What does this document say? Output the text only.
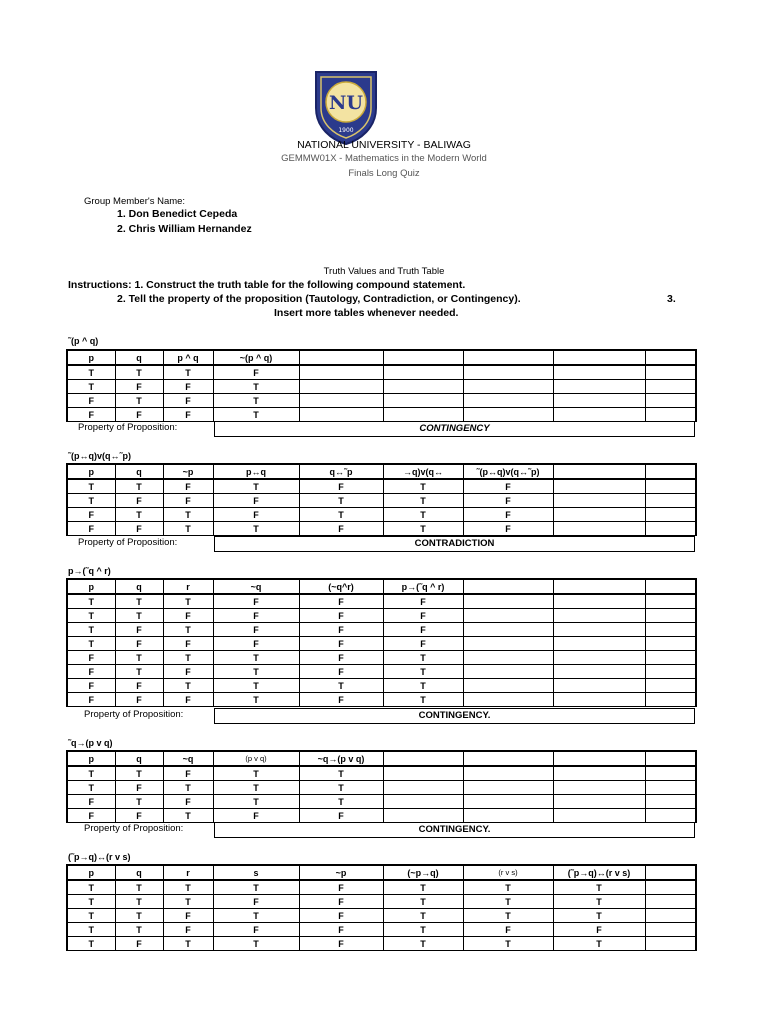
NU
1900
NATIONAL UNIVERSITY - BALIWAG
GEMMW01X - Mathematics in the Modern World
Finals Long Quiz
Group Member's Name:
1. Don Benedict Cepeda
2. Chris William Hernandez
Truth Values and Truth Table
Instructions: 1. Construct the truth table for the following compound statement.
2. Tell the property of the proposition (Tautology, Contradiction, or Contingency).	3.
Insert more tables whenever needed.
˜(p ^ q)
p	q	p ^ q	~(p ^ q)					
T	T	T	F					
T	F	F	T					
F	T	F	T					
F	F	F	T					
Property of Proposition:	CONTINGENCY
˜(p↔q)v(q↔˜p)
p	q	~p	p↔q	q↔˜p	→q)v(q↔	˜(p↔q)v(q↔˜p)		
T	T	F	T	F	T	F		
T	F	F	F	T	T	F		
F	T	T	F	T	T	F		
F	F	T	T	F	T	F		
Property of Proposition:	CONTRADICTION
p→(˜q ^ r)
p	q	r	~q	(~q^r)	p→(˜q ^ r)			
T	T	T	F	F	F			
T	T	F	F	F	F			
T	F	T	F	F	F			
T	F	F	F	F	F			
F	T	T	T	F	T			
F	T	F	T	F	T			
F	F	T	T	T	T			
F	F	F	T	F	T			
Property of Proposition:	CONTINGENCY.
˜q→(p v q)
p	q	~q	(p v q)	~q→(p v q)				
T	T	F	T	T				
T	F	T	T	T				
F	T	F	T	T				
F	F	T	F	F				
Property of Proposition:	CONTINGENCY.
(˜p→q)↔(r v s)
p	q	r	s	~p	(~p→q)	(r v s)	(˜p→q)↔(r v s)	
T	T	T	T	F	T	T	T	
T	T	T	F	F	T	T	T	
T	T	F	T	F	T	T	T	
T	T	F	F	F	T	F	F	
T	F	T	T	F	T	T	T	
